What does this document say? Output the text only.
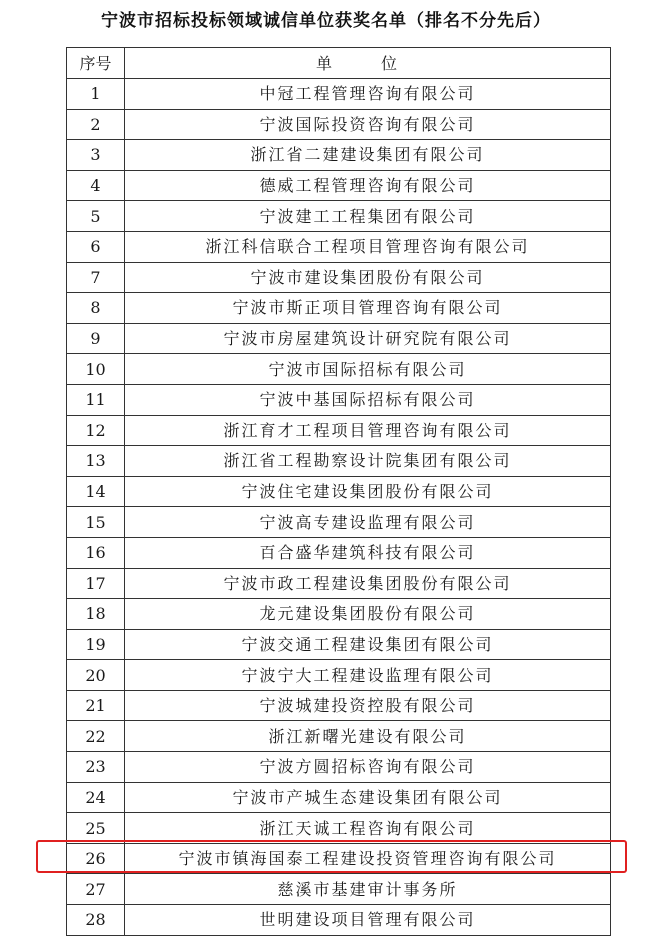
宁波市招标投标领域诚信单位获奖名单（排名不分先后）
序号	单 位
1	中冠工程管理咨询有限公司
2	宁波国际投资咨询有限公司
3	浙江省二建建设集团有限公司
4	德威工程管理咨询有限公司
5	宁波建工工程集团有限公司
6	浙江科信联合工程项目管理咨询有限公司
7	宁波市建设集团股份有限公司
8	宁波市斯正项目管理咨询有限公司
9	宁波市房屋建筑设计研究院有限公司
10	宁波市国际招标有限公司
11	宁波中基国际招标有限公司
12	浙江育才工程项目管理咨询有限公司
13	浙江省工程勘察设计院集团有限公司
14	宁波住宅建设集团股份有限公司
15	宁波高专建设监理有限公司
16	百合盛华建筑科技有限公司
17	宁波市政工程建设集团股份有限公司
18	龙元建设集团股份有限公司
19	宁波交通工程建设集团有限公司
20	宁波宁大工程建设监理有限公司
21	宁波城建投资控股有限公司
22	浙江新曙光建设有限公司
23	宁波方圆招标咨询有限公司
24	宁波市产城生态建设集团有限公司
25	浙江天诚工程咨询有限公司
26	宁波市镇海国泰工程建设投资管理咨询有限公司
27	慈溪市基建审计事务所
28	世明建设项目管理有限公司
